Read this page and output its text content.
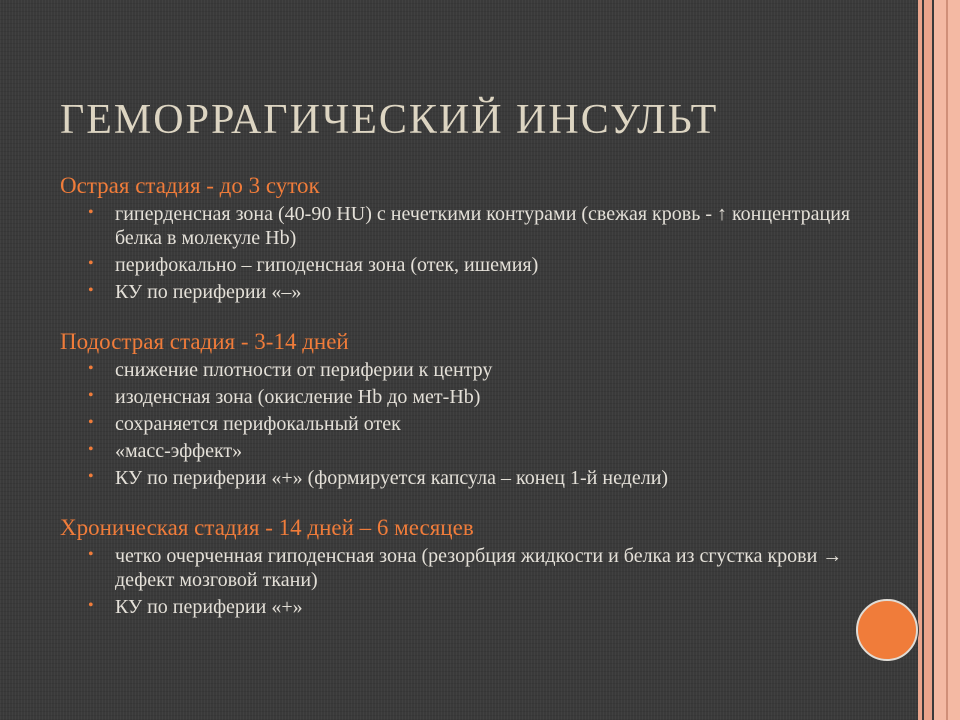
ГЕМОРРАГИЧЕСКИЙ ИНСУЛЬТ

Острая стадия - до 3 суток

• гиперденсная зона (40-90 HU) с нечеткими контурами (свежая кровь - ↑ концентрация белка в молекуле Hb)
• перифокально – гиподенсная зона (отек, ишемия)
• КУ по периферии «–»

Подострая стадия - 3-14 дней

• снижение плотности от периферии к центру
• изоденсная зона (окисление Hb до мет-Hb)
• сохраняется перифокальный отек
• «масс-эффект»
• КУ по периферии «+» (формируется капсула – конец 1-й недели)

Хроническая стадия - 14 дней – 6 месяцев

• четко очерченная гиподенсная зона (резорбция жидкости и белка из сгустка крови → дефект мозговой ткани)
• КУ по периферии «+»
